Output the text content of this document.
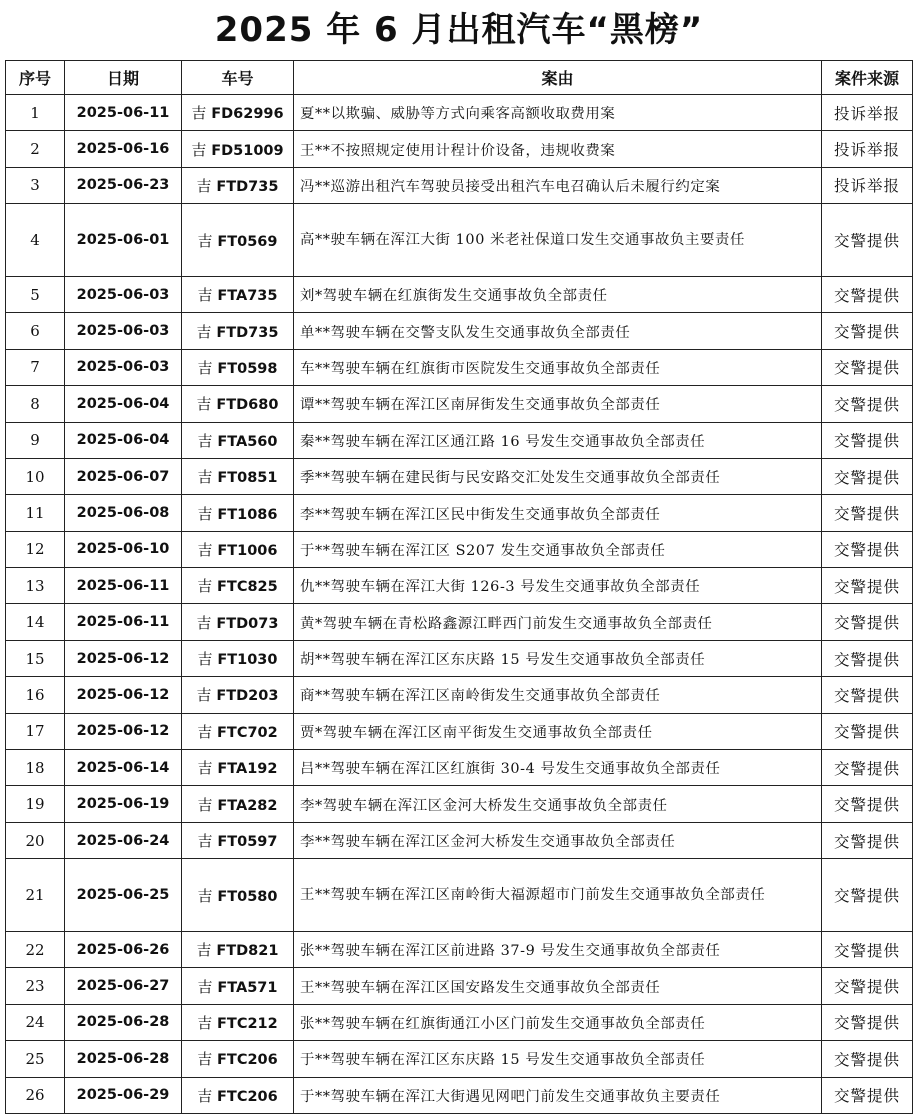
2025 年 6 月出租汽车“黑榜”
序号	日期	车号	案由	案件来源
1	2025-06-11	吉 FD62996	夏**以欺骗、威胁等方式向乘客高额收取费用案	投诉举报
2	2025-06-16	吉 FD51009	王**不按照规定使用计程计价设备，违规收费案	投诉举报
3	2025-06-23	吉 FTD735	冯**巡游出租汽车驾驶员接受出租汽车电召确认后未履行约定案	投诉举报
4	2025-06-01	吉 FT0569	高**驶车辆在浑江大街 100 米老社保道口发生交通事故负主要责任	交警提供
5	2025-06-03	吉 FTA735	刘*驾驶车辆在红旗街发生交通事故负全部责任	交警提供
6	2025-06-03	吉 FTD735	单**驾驶车辆在交警支队发生交通事故负全部责任	交警提供
7	2025-06-03	吉 FT0598	车**驾驶车辆在红旗街市医院发生交通事故负全部责任	交警提供
8	2025-06-04	吉 FTD680	谭**驾驶车辆在浑江区南屏街发生交通事故负全部责任	交警提供
9	2025-06-04	吉 FTA560	秦**驾驶车辆在浑江区通江路 16 号发生交通事故负全部责任	交警提供
10	2025-06-07	吉 FT0851	季**驾驶车辆在建民街与民安路交汇处发生交通事故负全部责任	交警提供
11	2025-06-08	吉 FT1086	李**驾驶车辆在浑江区民中街发生交通事故负全部责任	交警提供
12	2025-06-10	吉 FT1006	于**驾驶车辆在浑江区 S207 发生交通事故负全部责任	交警提供
13	2025-06-11	吉 FTC825	仇**驾驶车辆在浑江大街 126-3 号发生交通事故负全部责任	交警提供
14	2025-06-11	吉 FTD073	黄*驾驶车辆在青松路鑫源江畔西门前发生交通事故负全部责任	交警提供
15	2025-06-12	吉 FT1030	胡**驾驶车辆在浑江区东庆路 15 号发生交通事故负全部责任	交警提供
16	2025-06-12	吉 FTD203	商**驾驶车辆在浑江区南岭街发生交通事故负全部责任	交警提供
17	2025-06-12	吉 FTC702	贾*驾驶车辆在浑江区南平街发生交通事故负全部责任	交警提供
18	2025-06-14	吉 FTA192	吕**驾驶车辆在浑江区红旗街 30-4 号发生交通事故负全部责任	交警提供
19	2025-06-19	吉 FTA282	李*驾驶车辆在浑江区金河大桥发生交通事故负全部责任	交警提供
20	2025-06-24	吉 FT0597	李**驾驶车辆在浑江区金河大桥发生交通事故负全部责任	交警提供
21	2025-06-25	吉 FT0580	王**驾驶车辆在浑江区南岭街大福源超市门前发生交通事故负全部责任	交警提供
22	2025-06-26	吉 FTD821	张**驾驶车辆在浑江区前进路 37-9 号发生交通事故负全部责任	交警提供
23	2025-06-27	吉 FTA571	王**驾驶车辆在浑江区国安路发生交通事故负全部责任	交警提供
24	2025-06-28	吉 FTC212	张**驾驶车辆在红旗街通江小区门前发生交通事故负全部责任	交警提供
25	2025-06-28	吉 FTC206	于**驾驶车辆在浑江区东庆路 15 号发生交通事故负全部责任	交警提供
26	2025-06-29	吉 FTC206	于**驾驶车辆在浑江大街遇见网吧门前发生交通事故负主要责任	交警提供
